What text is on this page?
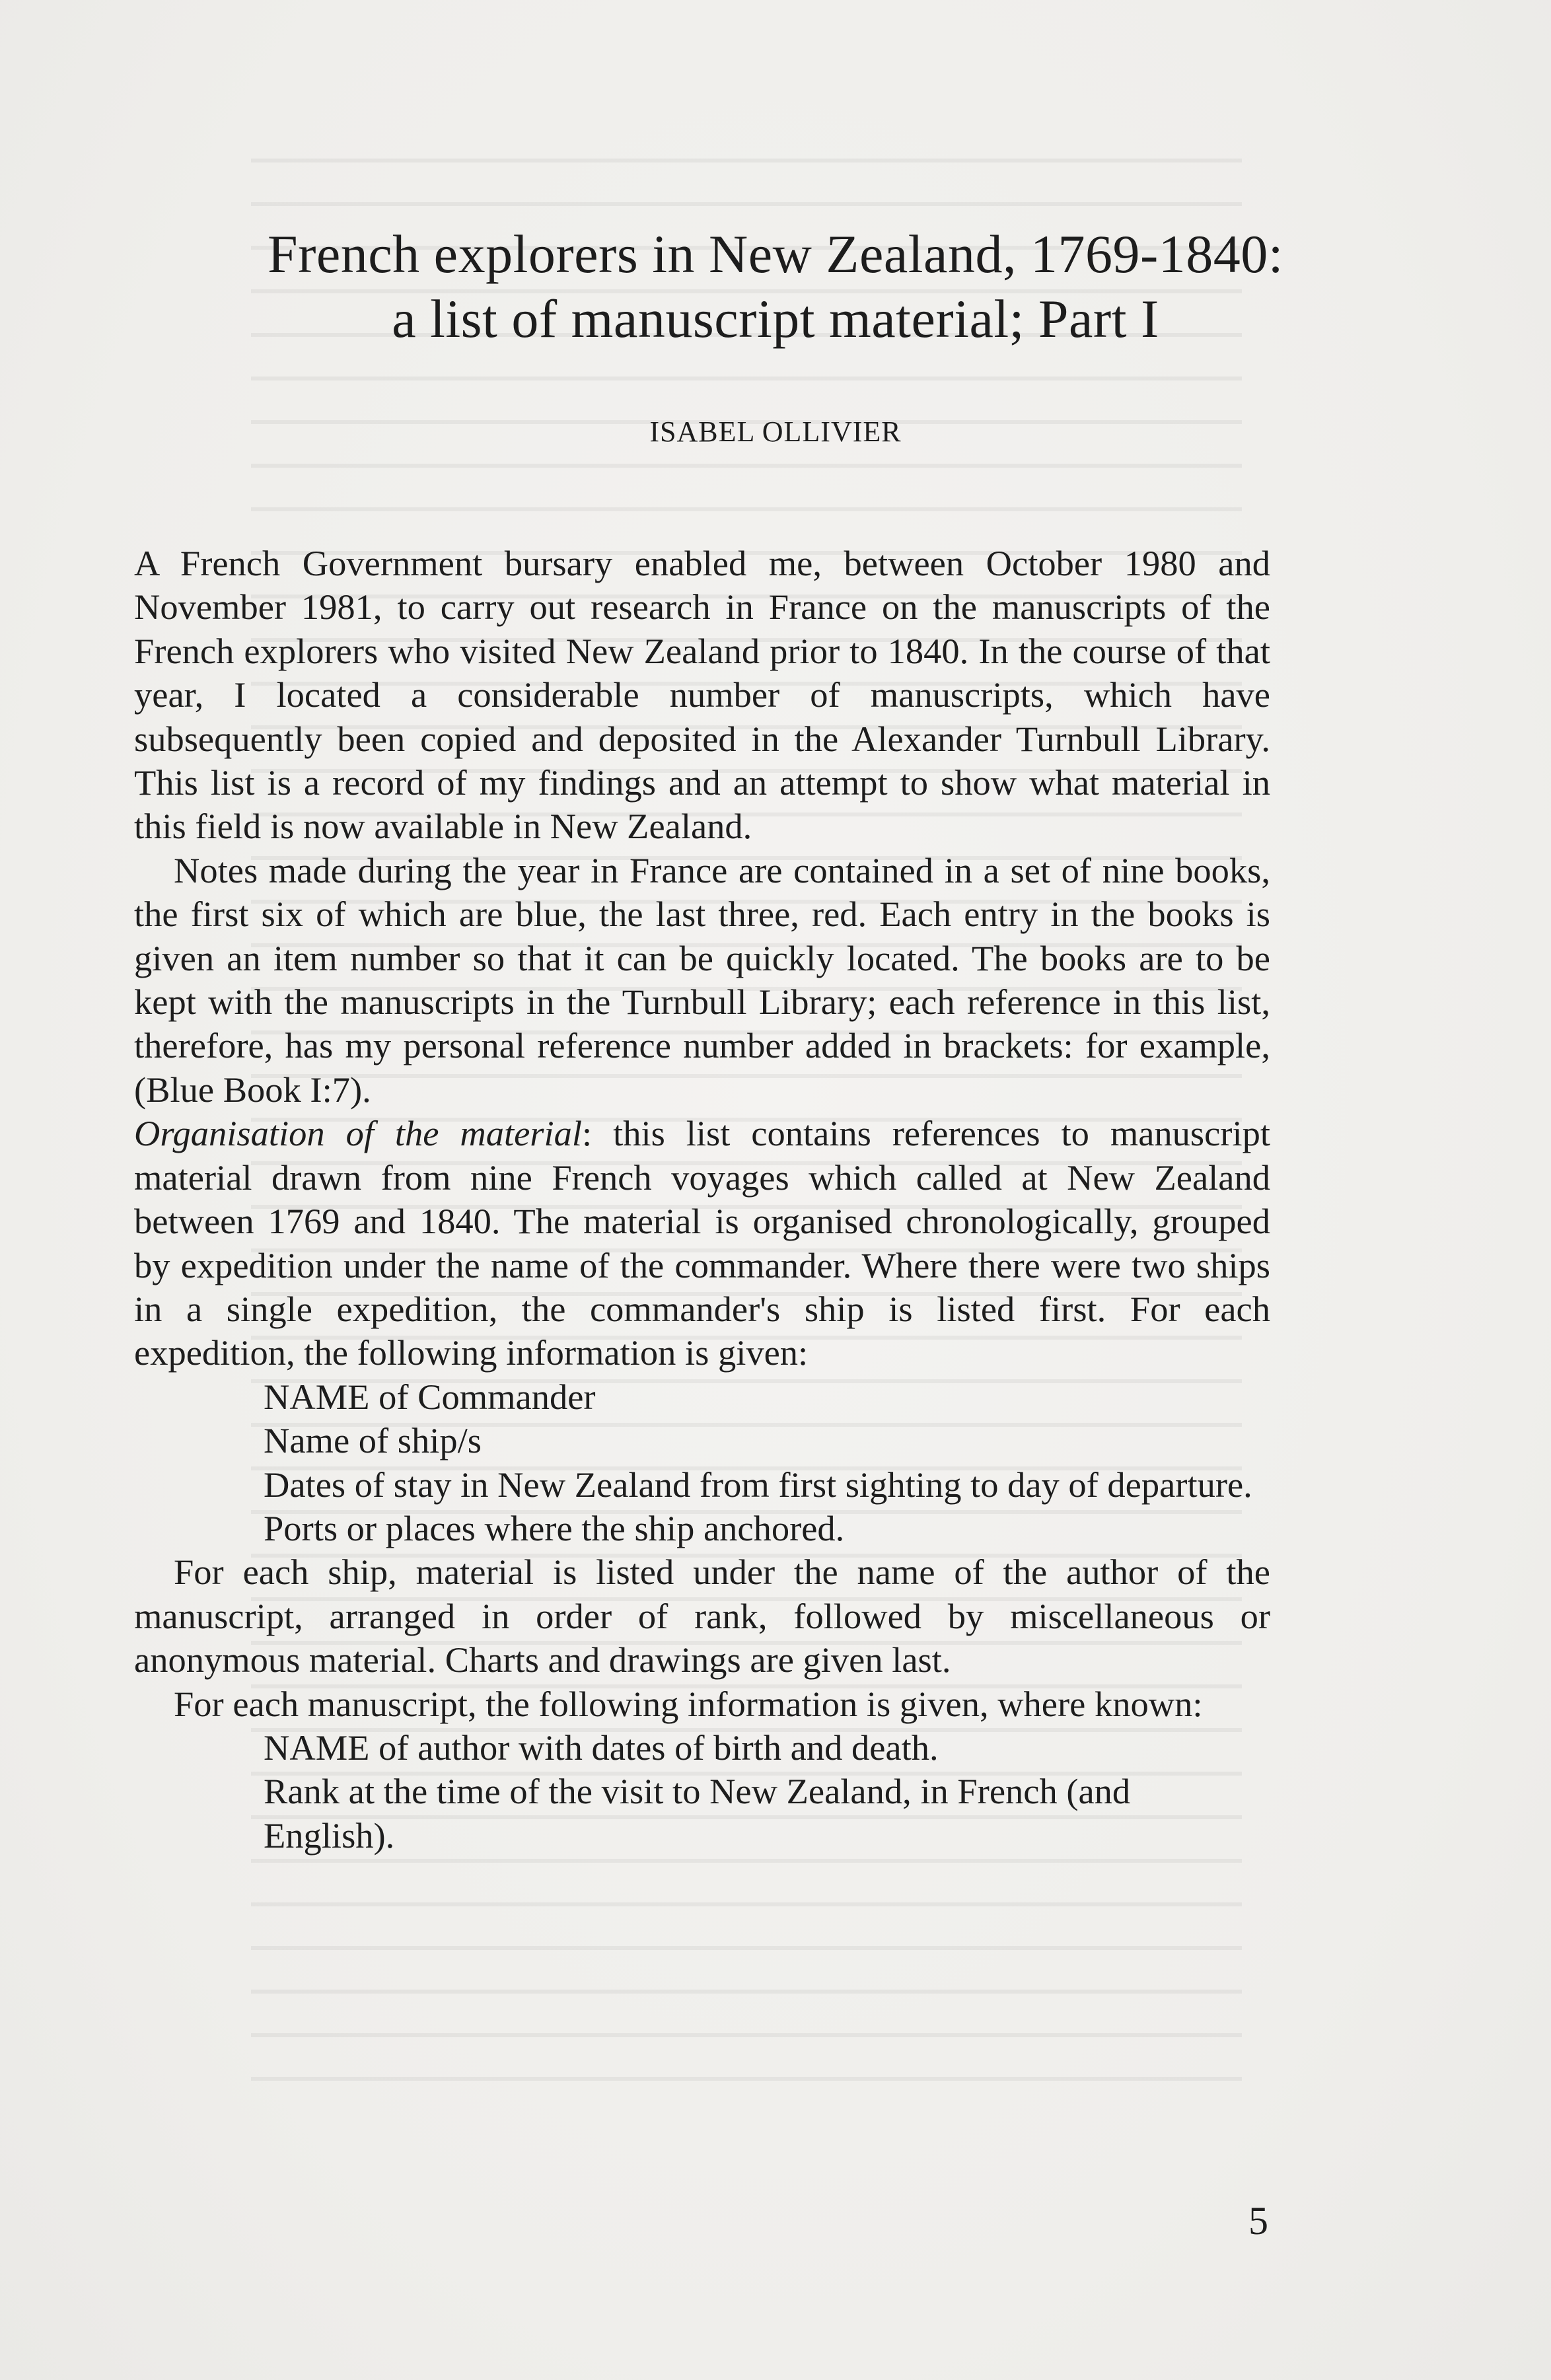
French explorers in New Zealand, 1769-1840:
a list of manuscript material; Part I
ISABEL OLLIVIER

A French Government bursary enabled me, between October 1980 and November 1981, to carry out research in France on the manuscripts of the French explorers who visited New Zealand prior to 1840. In the course of that year, I located a considerable number of manuscripts, which have subsequently been copied and deposited in the Alexander Turnbull Library. This list is a record of my findings and an attempt to show what material in this field is now available in New Zealand.

Notes made during the year in France are contained in a set of nine books, the first six of which are blue, the last three, red. Each entry in the books is given an item number so that it can be quickly located. The books are to be kept with the manuscripts in the Turnbull Library; each reference in this list, therefore, has my personal reference number added in brackets: for example, (Blue Book I:7).

Organisation of the material: this list contains references to manuscript material drawn from nine French voyages which called at New Zealand between 1769 and 1840. The material is organised chronologically, grouped by expedition under the name of the commander. Where there were two ships in a single expedition, the commander's ship is listed first. For each expedition, the following information is given:

NAME of Commander
Name of ship/s
Dates of stay in New Zealand from first sighting to day of departure.
Ports or places where the ship anchored.

For each ship, material is listed under the name of the author of the manuscript, arranged in order of rank, followed by miscellaneous or anonymous material. Charts and drawings are given last.

For each manuscript, the following information is given, where known:

NAME of author with dates of birth and death.
Rank at the time of the visit to New Zealand, in French (and English).
5
